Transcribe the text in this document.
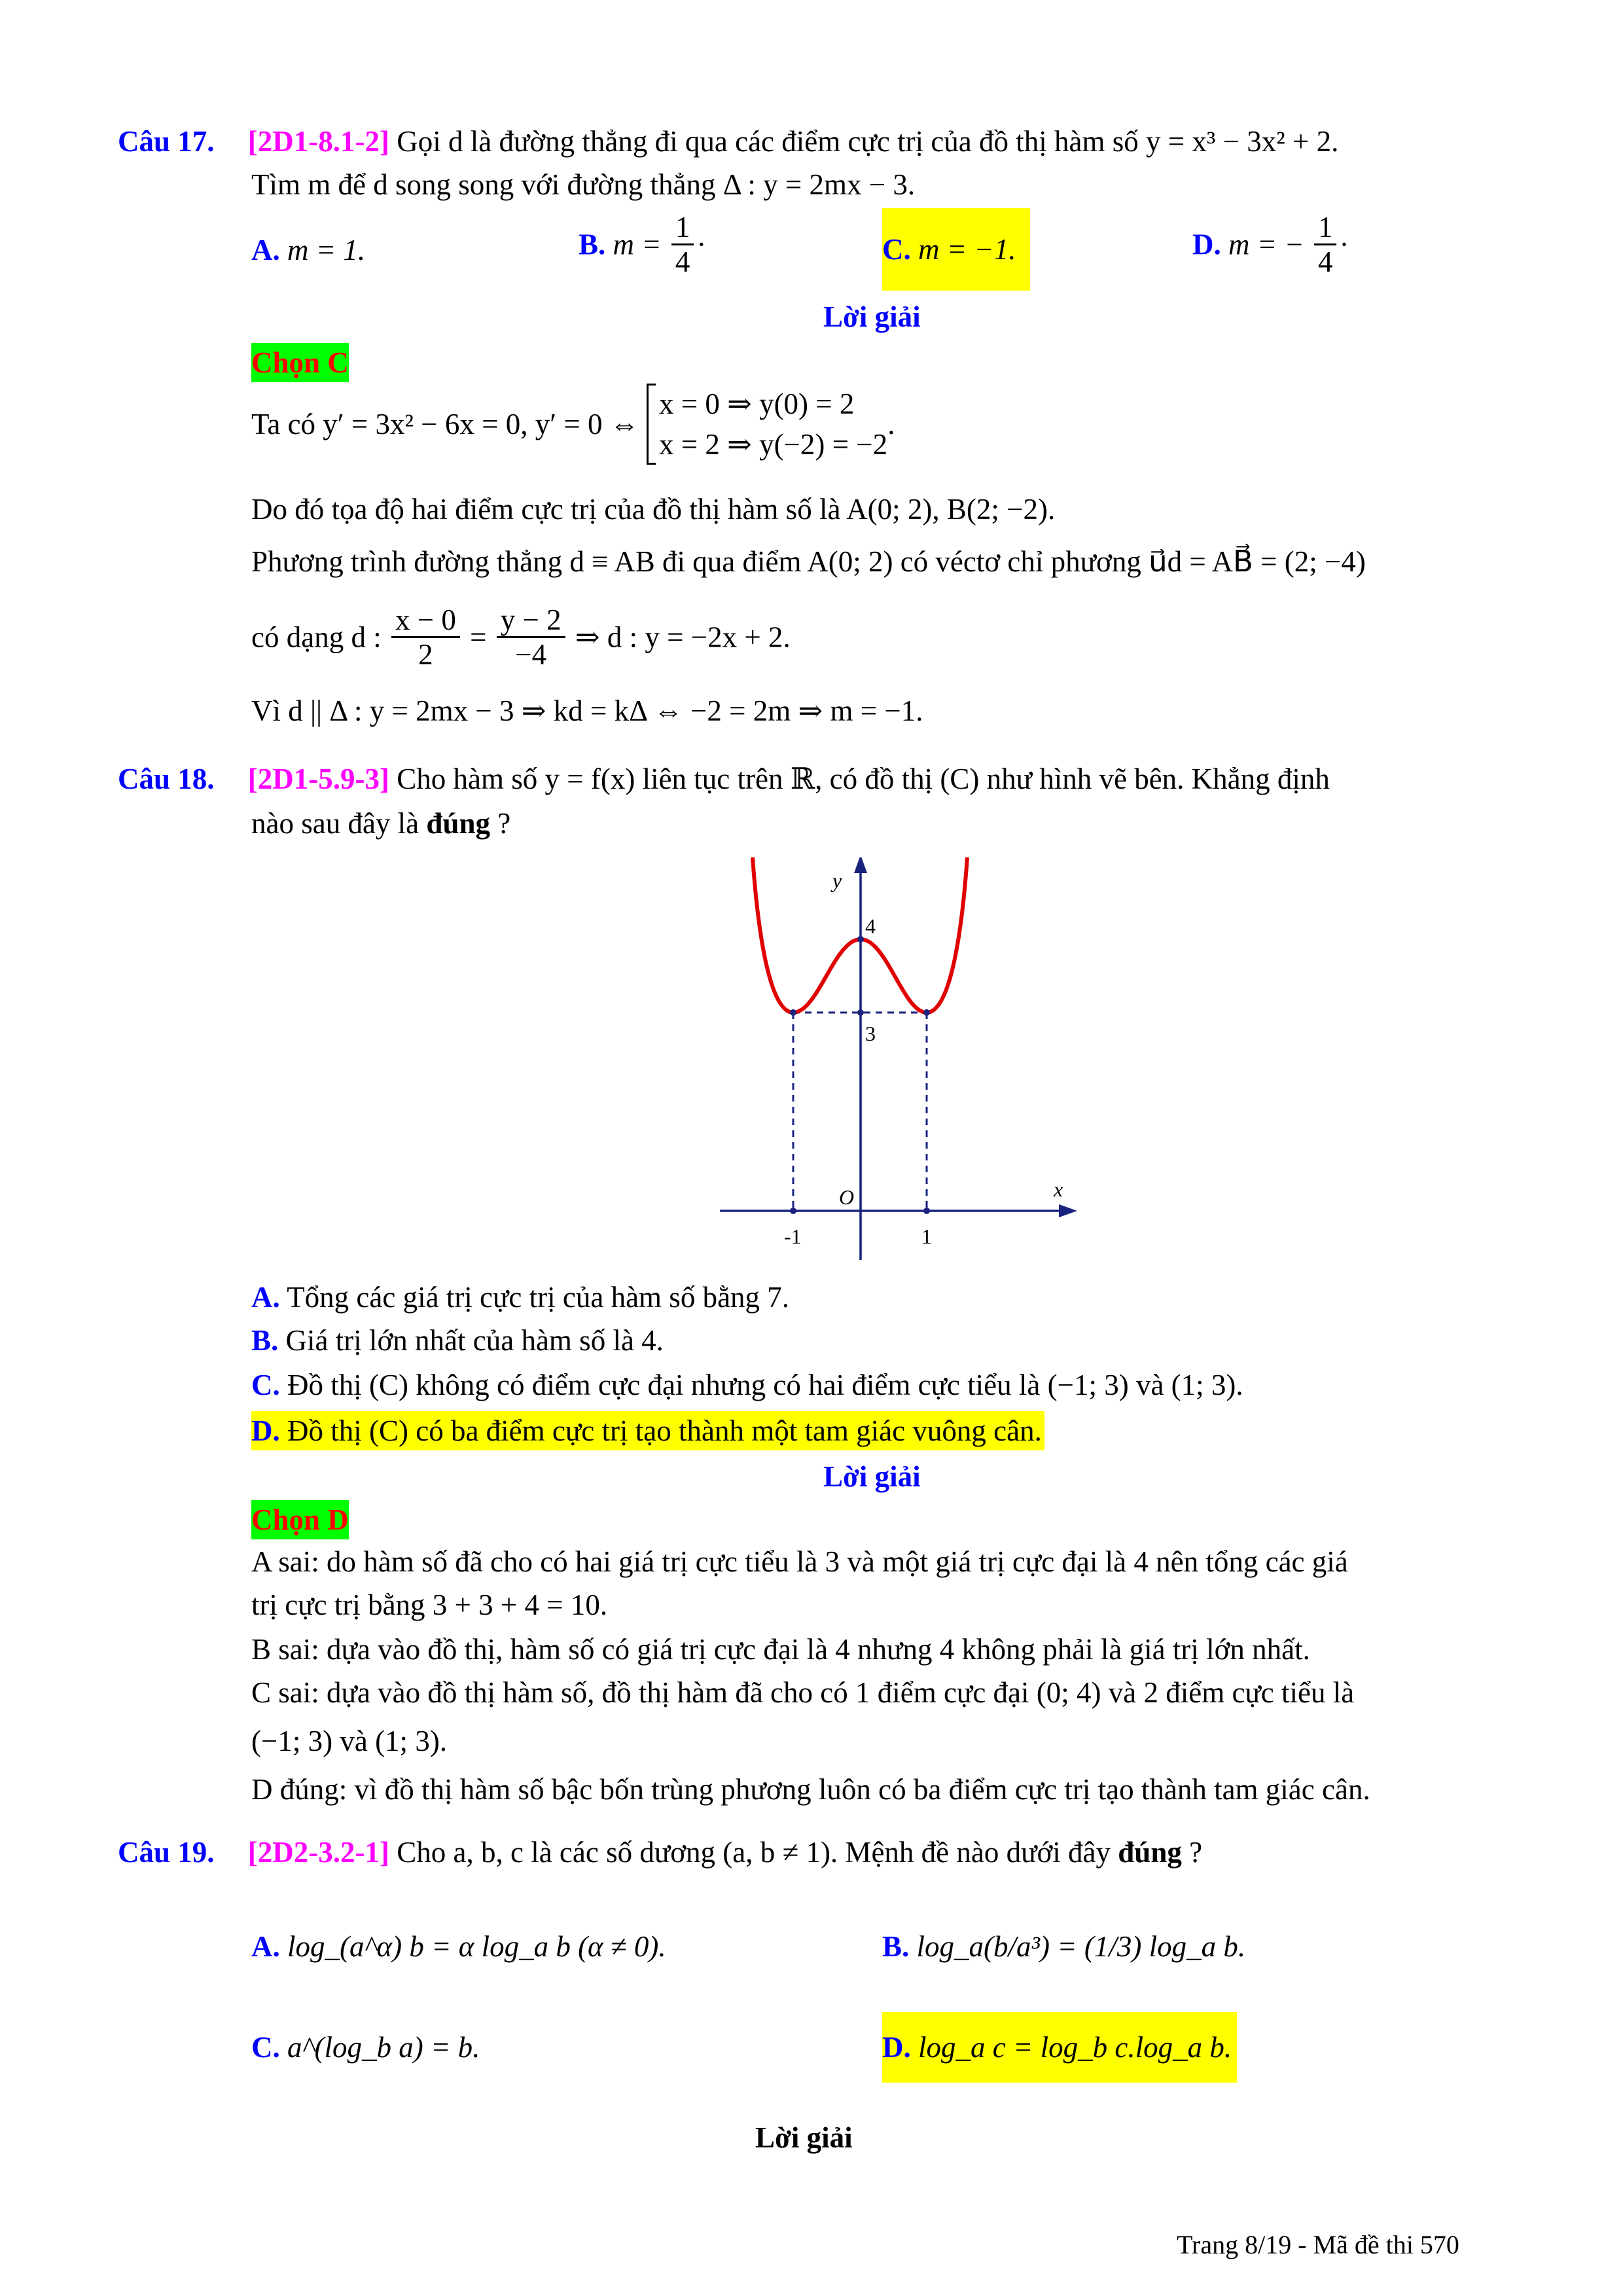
Câu 17. [2D1-8.1-2] Gọi d là đường thẳng đi qua các điểm cực trị của đồ thị hàm số y = x³ − 3x² + 2.
Tìm m để d song song với đường thẳng Δ : y = 2mx − 3.
A. m = 1.	B. $m = \frac{1}{4}$ ·	C. m = −1.	D. m = − $\frac{1}{4}$ ·
Lời giải
Chọn C
Ta có y′ = 3x² − 6x = 0, y′ = 0 ⇔
x = 0 ⇒ y(0) = 2
x = 2 ⇒ y(−2) = −2
.
Do đó tọa độ hai điểm cực trị của đồ thị hàm số là A(0; 2), B(2; −2).
Phương trình đường thẳng d ≡ AB đi qua điểm A(0; 2) có véctơ chỉ phương u⃗d = AB⃗ = (2; −4)
có dạng d : $\frac{x - 0}{2} = \frac{y - 2}{-4}$ ⇒ d : y = −2x + 2.
Vì d || Δ : y = 2mx − 3 ⇒ kd = kΔ ⇔ −2 = 2m ⇒ m = −1.
Câu 18. [2D1-5.9-3] Cho hàm số y = f(x) liên tục trên ℝ, có đồ thị (C) như hình vẽ bên. Khẳng định
nào sau đây là đúng ?
y
x
O
4
3
-1	1
A. Tổng các giá trị cực trị của hàm số bằng 7.
B. Giá trị lớn nhất của hàm số là 4.
C. Đồ thị (C) không có điểm cực đại nhưng có hai điểm cực tiểu là (−1; 3) và (1; 3).
D. Đồ thị (C) có ba điểm cực trị tạo thành một tam giác vuông cân.
Lời giải
Chọn D
A sai: do hàm số đã cho có hai giá trị cực tiểu là 3 và một giá trị cực đại là 4 nên tổng các giá
trị cực trị bằng 3 + 3 + 4 = 10.
B sai: dựa vào đồ thị, hàm số có giá trị cực đại là 4 nhưng 4 không phải là giá trị lớn nhất.
C sai: dựa vào đồ thị hàm số, đồ thị hàm đã cho có 1 điểm cực đại (0; 4) và 2 điểm cực tiểu là
(−1; 3) và (1; 3).
D đúng: vì đồ thị hàm số bậc bốn trùng phương luôn có ba điểm cực trị tạo thành tam giác cân.
Câu 19. [2D2-3.2-1] Cho a, b, c là các số dương (a, b ≠ 1). Mệnh đề nào dưới đây đúng ?
A. log_(a^α) b = α log_a b (α ≠ 0).	B. log_a(b/a³) = (1/3) log_a b.
C. a^(log_b a) = b.	D. log_a c = log_b c.log_a b.
Lời giải
Trang 8/19 - Mã đề thi 570
